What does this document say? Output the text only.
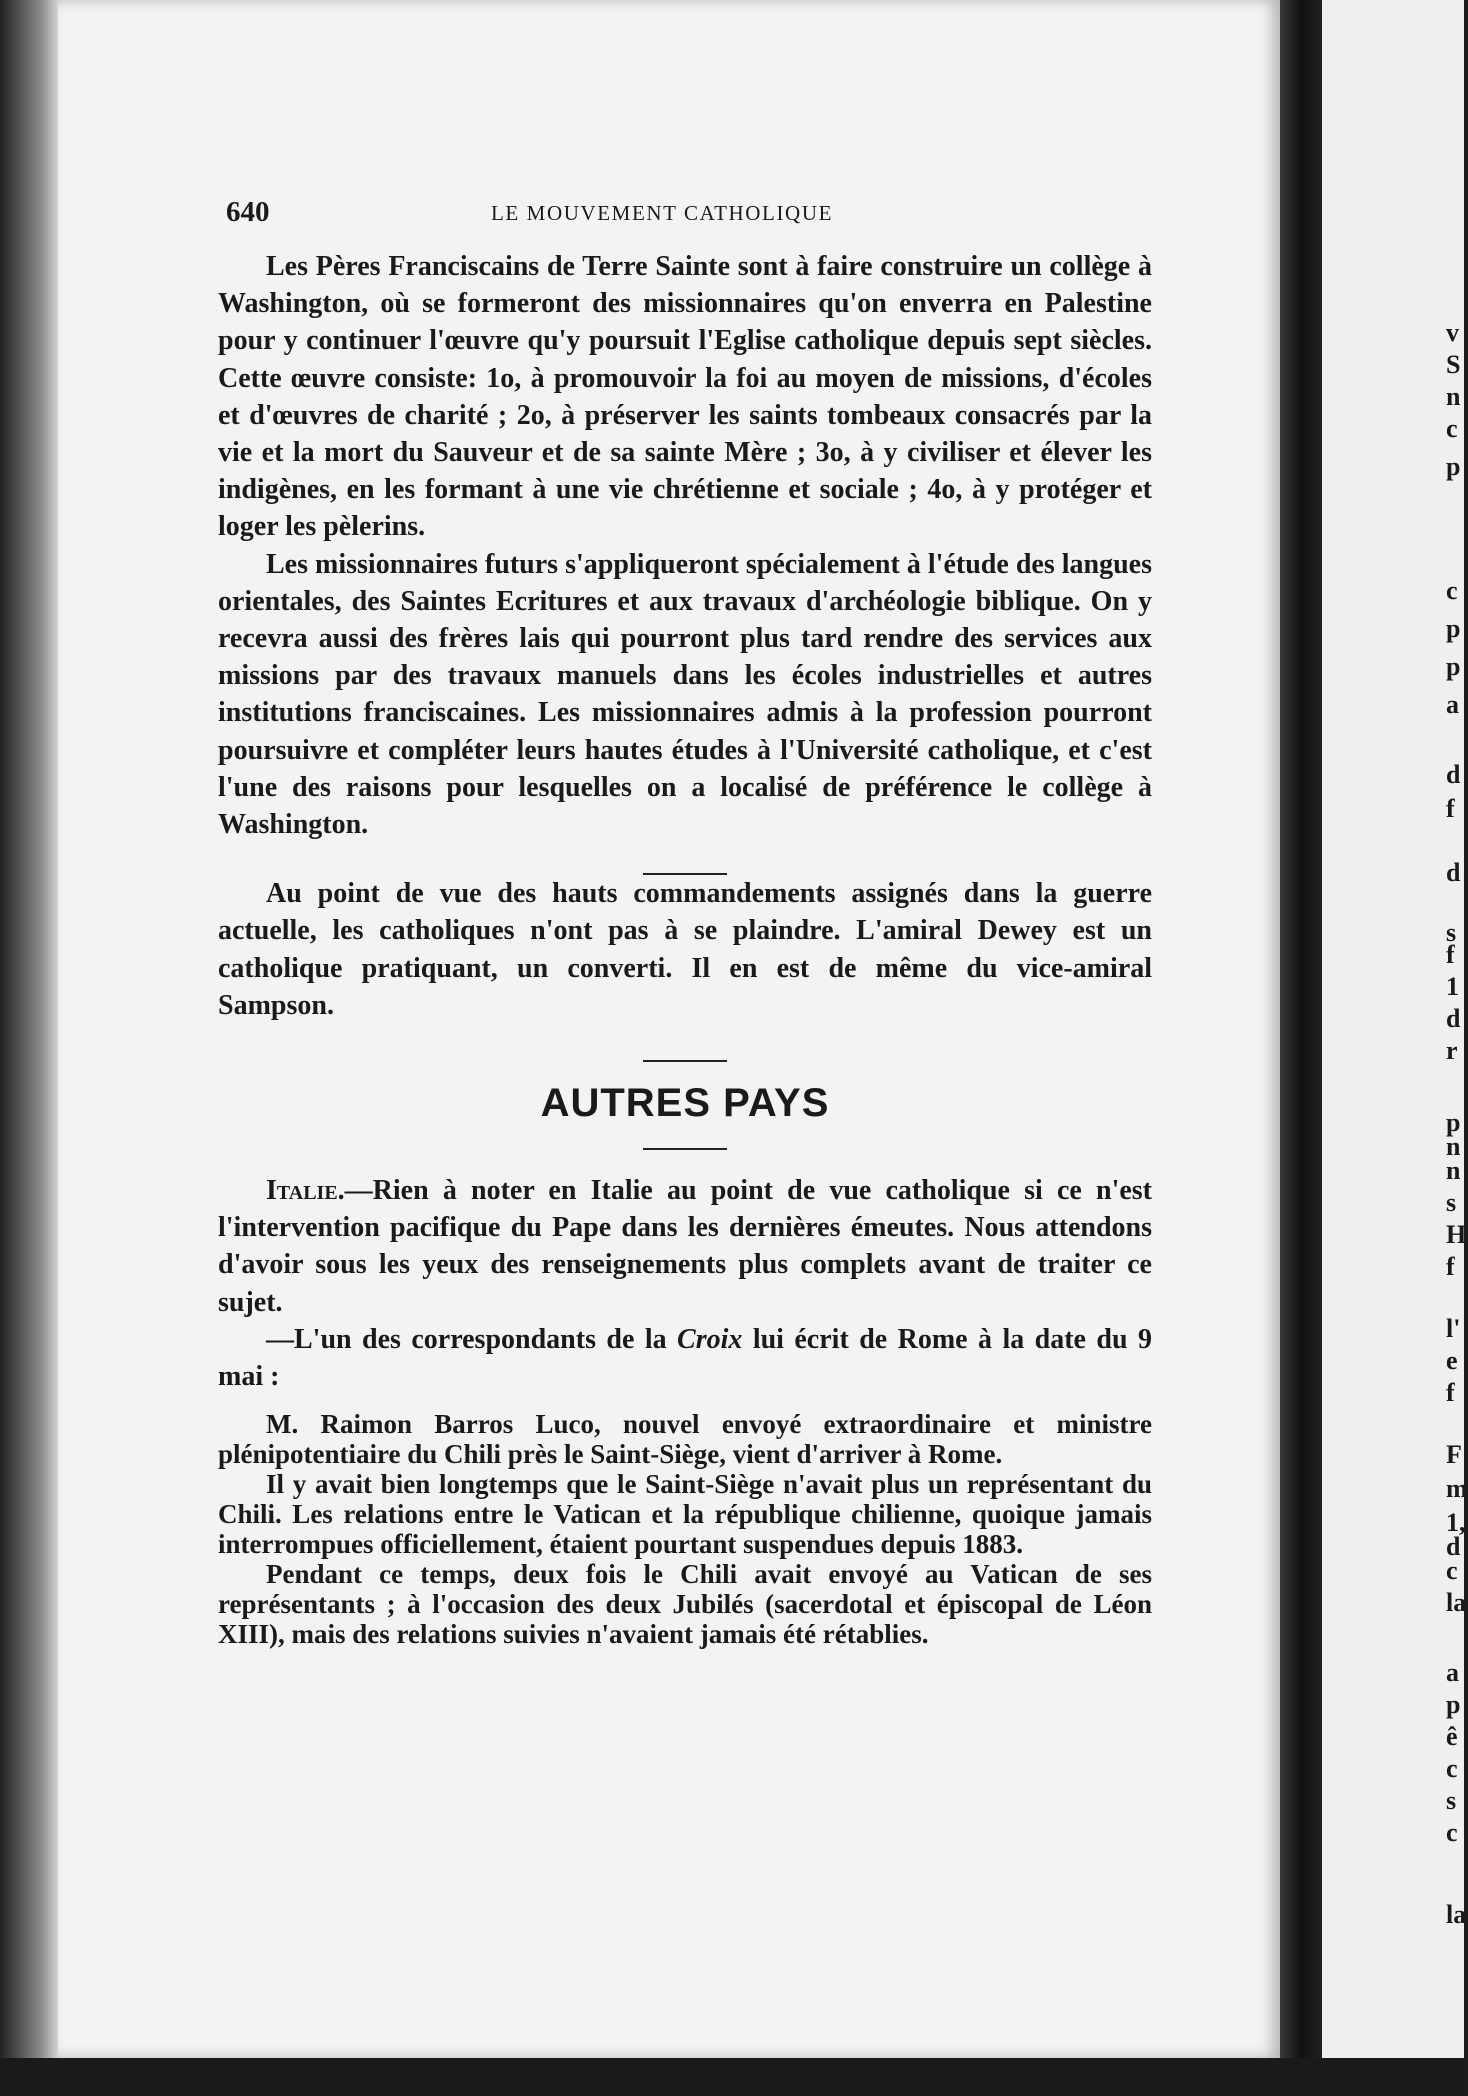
640	LE MOUVEMENT CATHOLIQUE

Les Pères Franciscains de Terre Sainte sont à faire construire un collège à Washington, où se formeront des missionnaires qu'on enverra en Palestine pour y continuer l'œuvre qu'y poursuit l'Eglise catholique depuis sept siècles. Cette œuvre consiste: 1o, à promouvoir la foi au moyen de missions, d'écoles et d'œuvres de charité ; 2o, à préserver les saints tombeaux consacrés par la vie et la mort du Sauveur et de sa sainte Mère ; 3o, à y civiliser et élever les indigènes, en les formant à une vie chrétienne et sociale ; 4o, à y protéger et loger les pèlerins.

Les missionnaires futurs s'appliqueront spécialement à l'étude des langues orientales, des Saintes Ecritures et aux travaux d'archéologie biblique. On y recevra aussi des frères lais qui pourront plus tard rendre des services aux missions par des travaux manuels dans les écoles industrielles et autres institutions franciscaines. Les missionnaires admis à la profession pourront poursuivre et compléter leurs hautes études à l'Université catholique, et c'est l'une des raisons pour lesquelles on a localisé de préférence le collège à Washington.

Au point de vue des hauts commandements assignés dans la guerre actuelle, les catholiques n'ont pas à se plaindre. L'amiral Dewey est un catholique pratiquant, un converti. Il en est de même du vice-amiral Sampson.

AUTRES PAYS

Italie.—Rien à noter en Italie au point de vue catholique si ce n'est l'intervention pacifique du Pape dans les dernières émeutes. Nous attendons d'avoir sous les yeux des renseignements plus complets avant de traiter ce sujet.

—L'un des correspondants de la Croix lui écrit de Rome à la date du 9 mai :

M. Raimon Barros Luco, nouvel envoyé extraordinaire et ministre plénipotentiaire du Chili près le Saint-Siège, vient d'arriver à Rome.

Il y avait bien longtemps que le Saint-Siège n'avait plus un représentant du Chili. Les relations entre le Vatican et la république chilienne, quoique jamais interrompues officiellement, étaient pourtant suspendues depuis 1883.

Pendant ce temps, deux fois le Chili avait envoyé au Vatican de ses représentants ; à l'occasion des deux Jubilés (sacerdotal et épiscopal de Léon XIII), mais des relations suivies n'avaient jamais été rétablies.

v
S
n
c
p
c
p
p
a
d
f
d
s
f
1
d
r
p
n
n
s
H
f
l'
e
f
F
m
1,
d
c
la
a
p
ê
c
s
c
la
